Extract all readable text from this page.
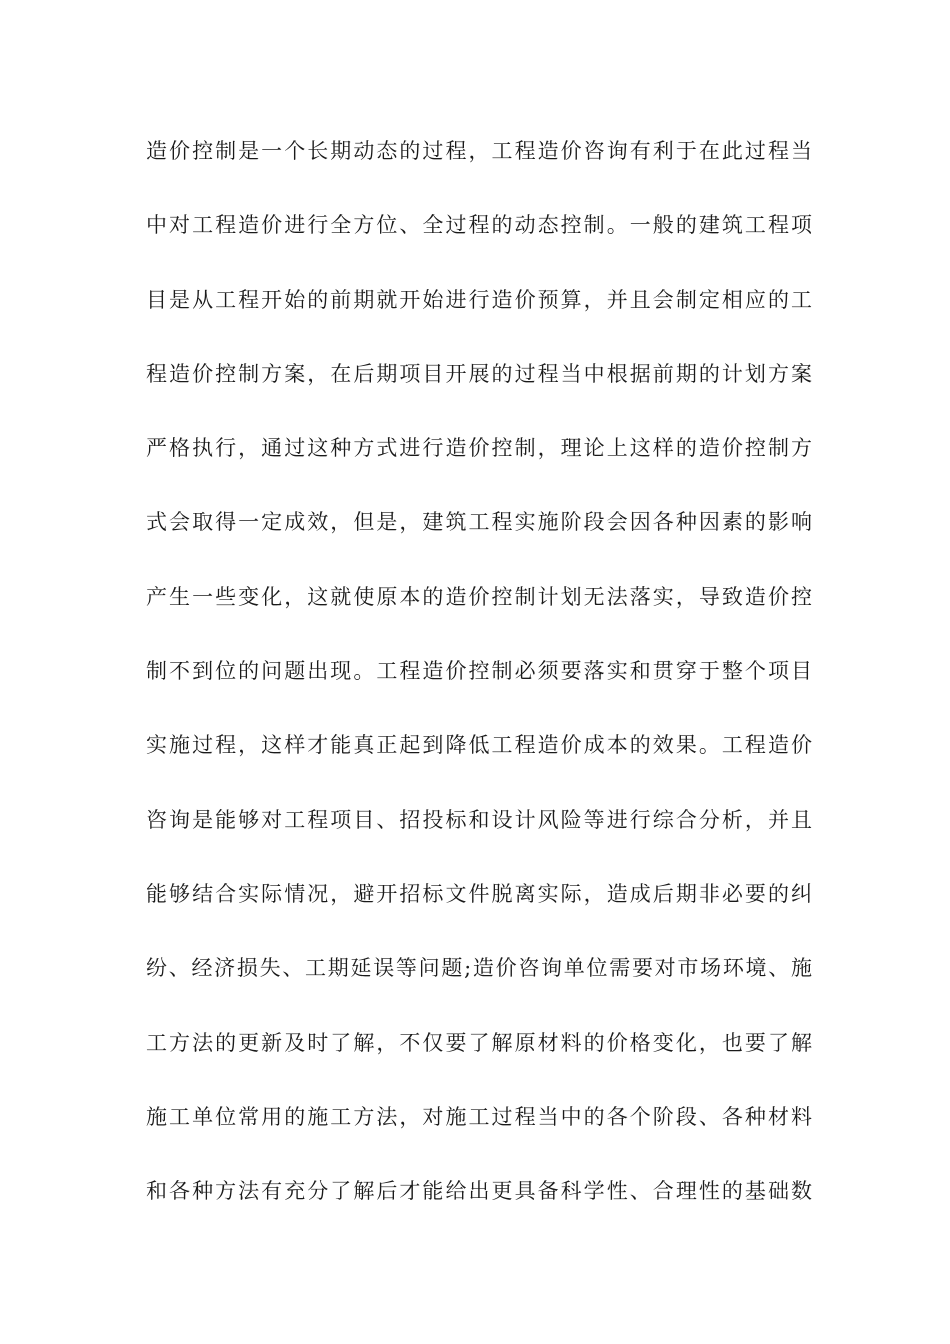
造价控制是一个长期动态的过程，工程造价咨询有利于在此过程当
中对工程造价进行全方位、全过程的动态控制。一般的建筑工程项
目是从工程开始的前期就开始进行造价预算，并且会制定相应的工
程造价控制方案，在后期项目开展的过程当中根据前期的计划方案
严格执行，通过这种方式进行造价控制，理论上这样的造价控制方
式会取得一定成效，但是，建筑工程实施阶段会因各种因素的影响
产生一些变化，这就使原本的造价控制计划无法落实，导致造价控
制不到位的问题出现。工程造价控制必须要落实和贯穿于整个项目
实施过程，这样才能真正起到降低工程造价成本的效果。工程造价
咨询是能够对工程项目、招投标和设计风险等进行综合分析，并且
能够结合实际情况，避开招标文件脱离实际，造成后期非必要的纠
纷、经济损失、工期延误等问题;造价咨询单位需要对市场环境、施
工方法的更新及时了解，不仅要了解原材料的价格变化，也要了解
施工单位常用的施工方法，对施工过程当中的各个阶段、各种材料
和各种方法有充分了解后才能给出更具备科学性、合理性的基础数
